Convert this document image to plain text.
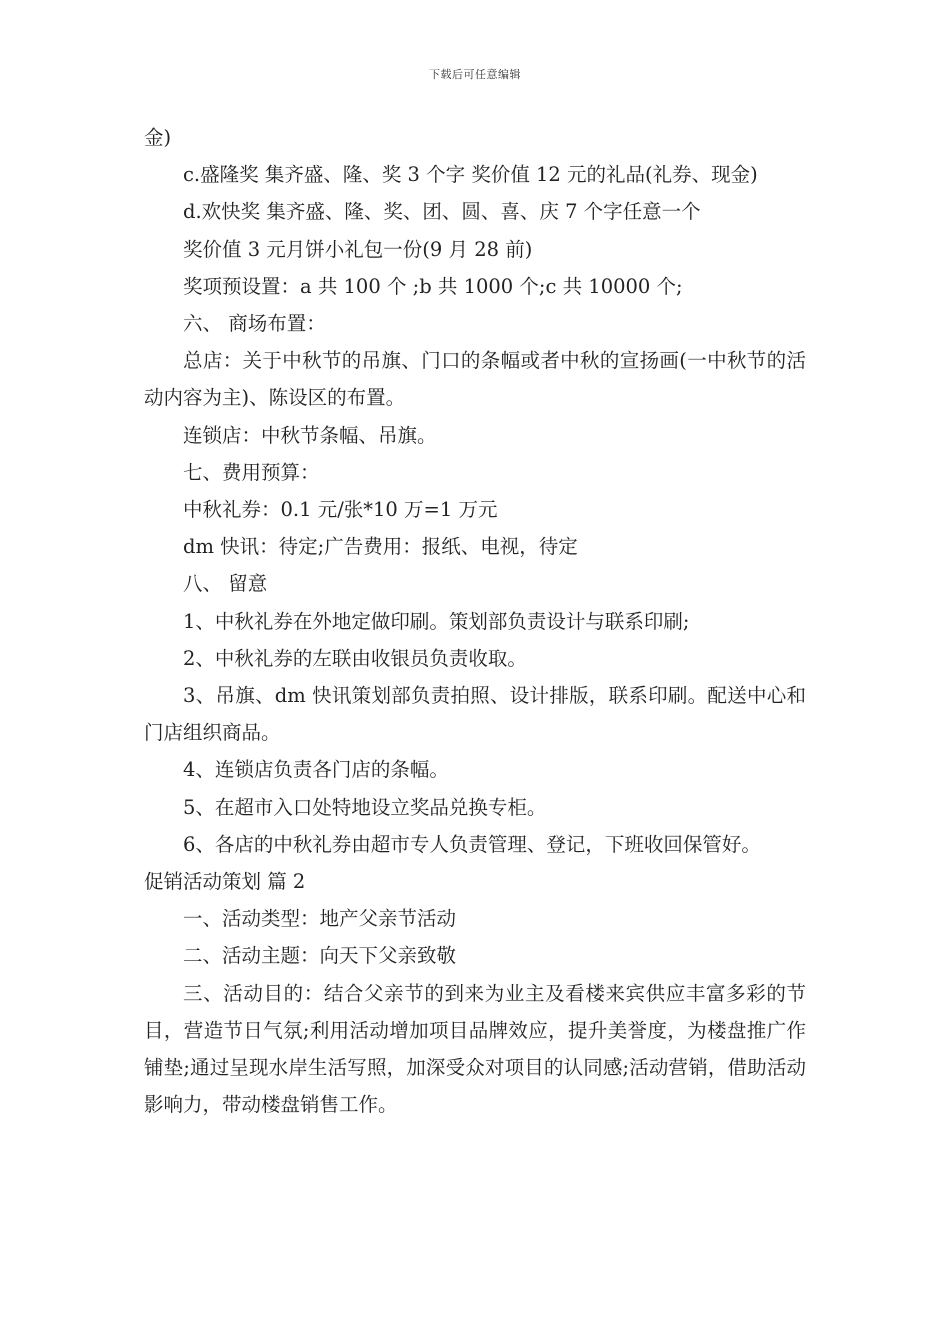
下载后可任意编辑

金)

c.盛隆奖 集齐盛、隆、奖 3 个字 奖价值 12 元的礼品(礼券、现金)

d.欢快奖 集齐盛、隆、奖、团、圆、喜、庆 7 个字任意一个

奖价值 3 元月饼小礼包一份(9 月 28 前)

奖项预设置：a 共 100 个 ;b 共 1000 个;c 共 10000 个;

六、 商场布置：

总店：关于中秋节的吊旗、门口的条幅或者中秋的宣扬画(一中秋节的活动内容为主)、陈设区的布置。

连锁店：中秋节条幅、吊旗。

七、费用预算：

中秋礼券：0.1 元/张*10 万=1 万元

dm 快讯：待定;广告费用：报纸、电视，待定

八、 留意

1、中秋礼券在外地定做印刷。策划部负责设计与联系印刷;

2、中秋礼券的左联由收银员负责收取。

3、吊旗、dm 快讯策划部负责拍照、设计排版，联系印刷。配送中心和门店组织商品。

4、连锁店负责各门店的条幅。

5、在超市入口处特地设立奖品兑换专柜。

6、各店的中秋礼券由超市专人负责管理、登记，下班收回保管好。

促销活动策划 篇 2

一、活动类型：地产父亲节活动

二、活动主题：向天下父亲致敬

三、活动目的：结合父亲节的到来为业主及看楼来宾供应丰富多彩的节目，营造节日气氛;利用活动增加项目品牌效应，提升美誉度，为楼盘推广作铺垫;通过呈现水岸生活写照，加深受众对项目的认同感;活动营销，借助活动影响力，带动楼盘销售工作。
